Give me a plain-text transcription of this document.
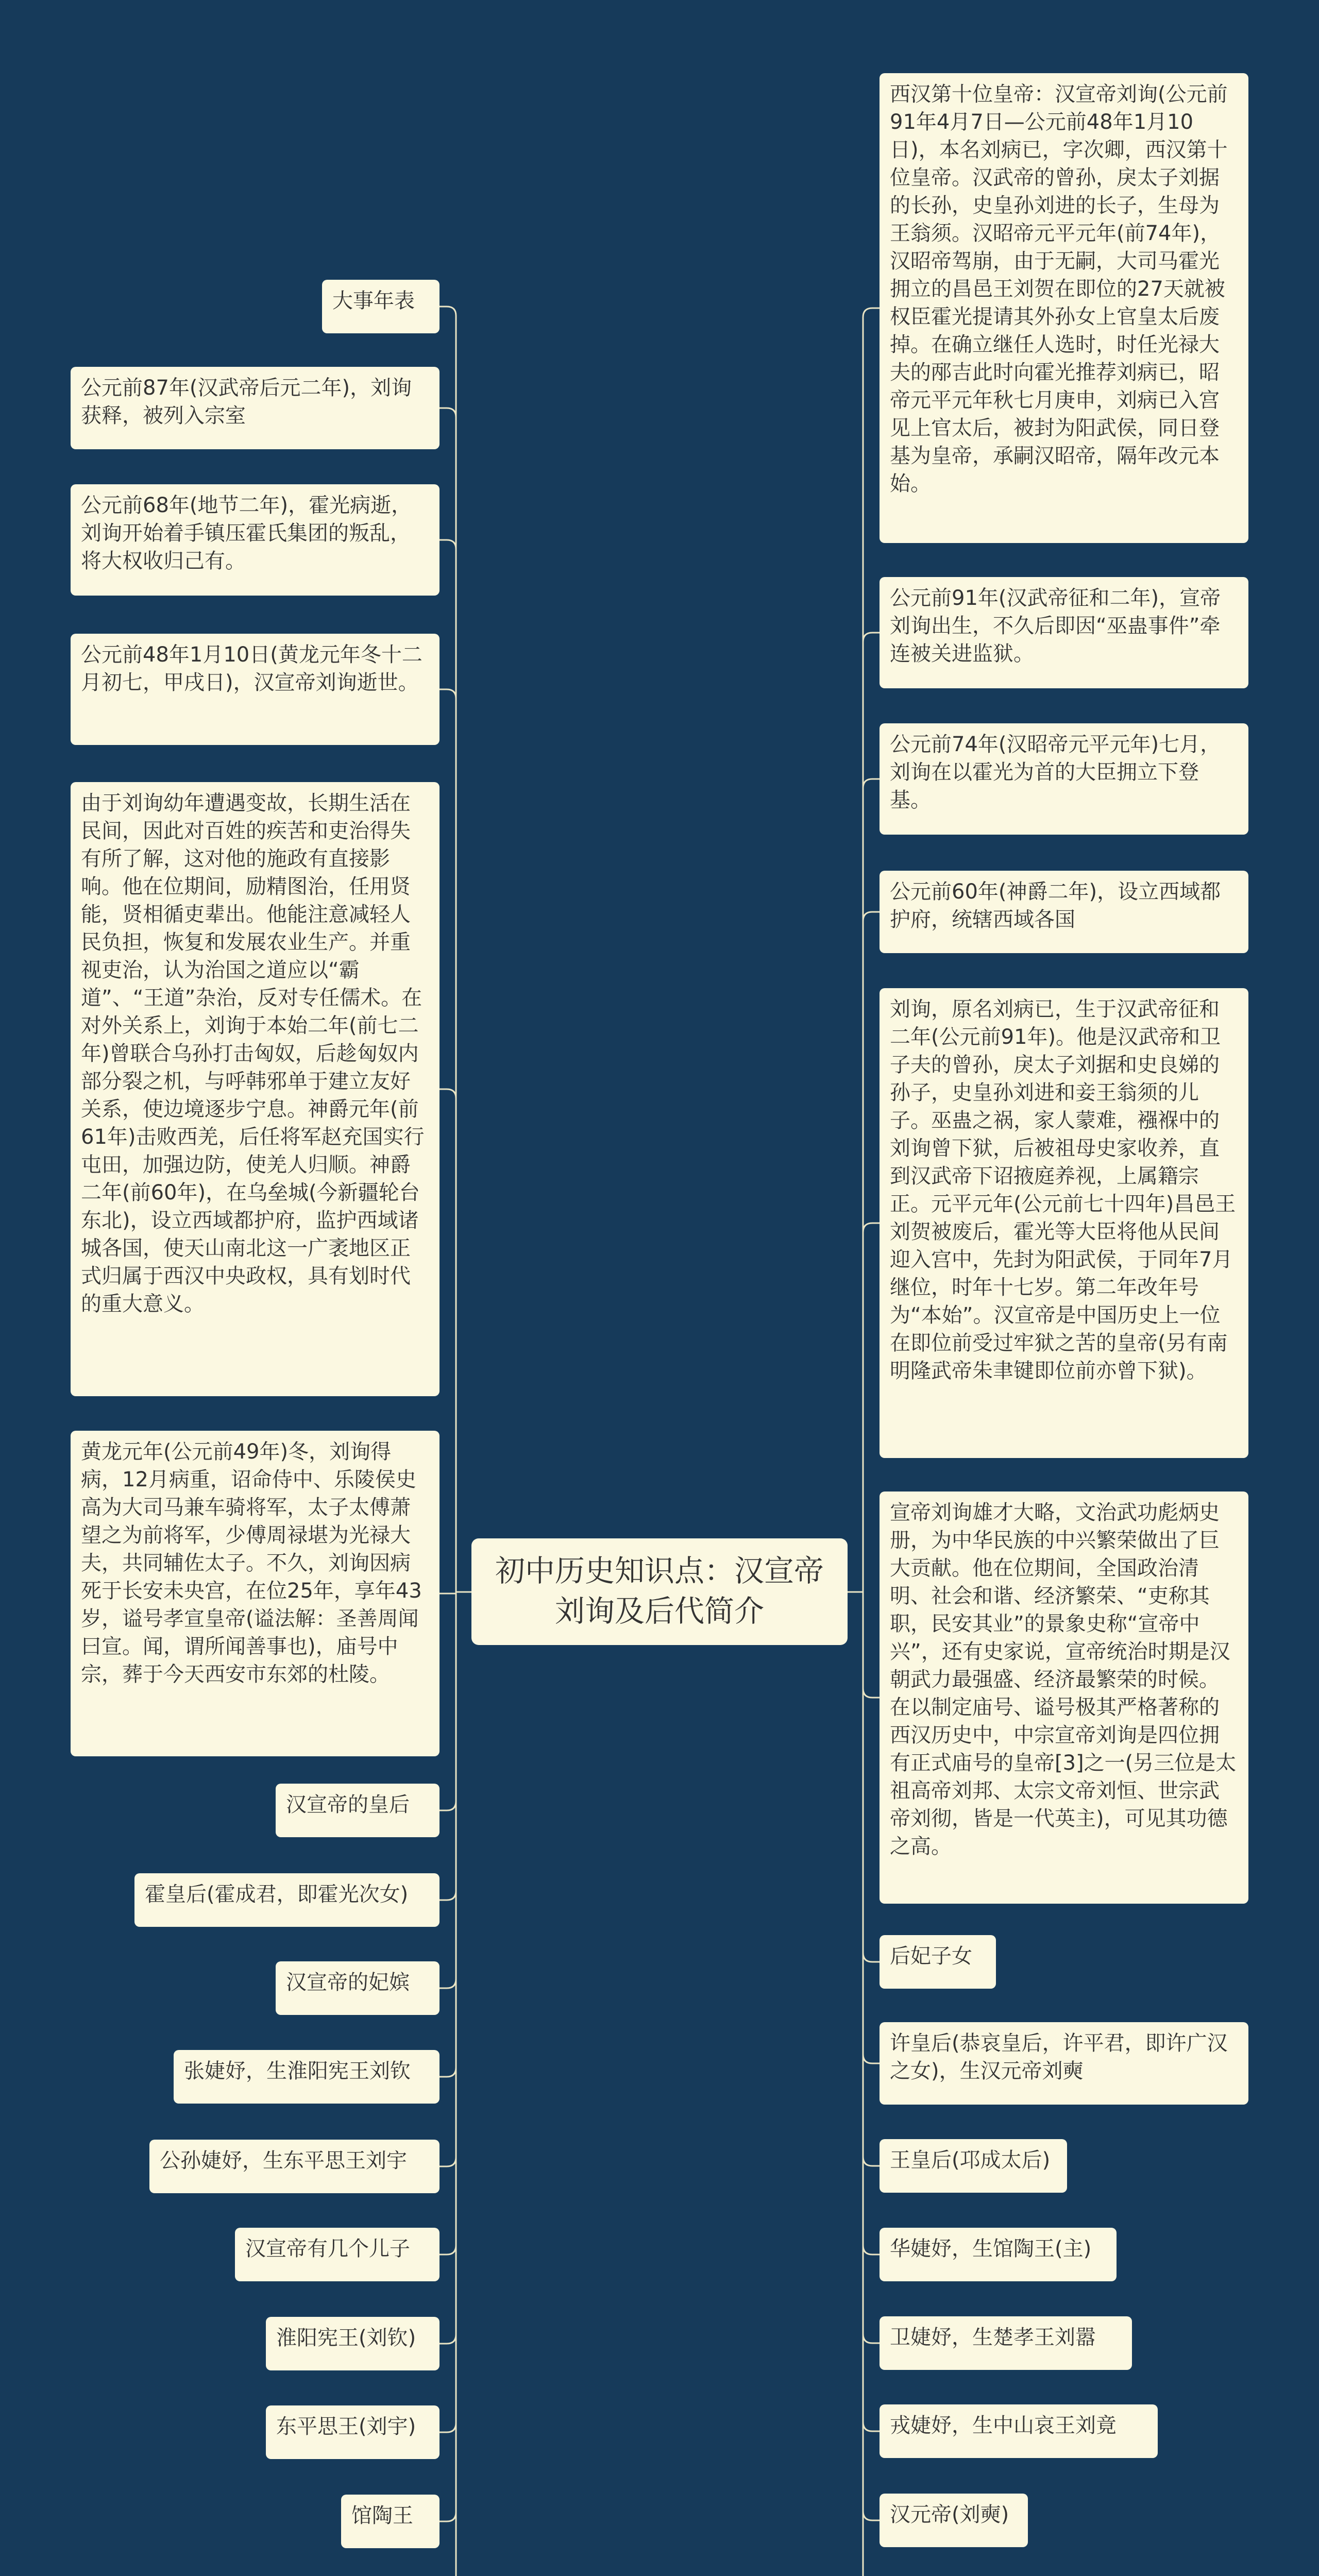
初中历史知识点：汉宣帝刘询及后代简介
大事年表
公元前87年(汉武帝后元二年)，刘询获释，被列入宗室
公元前68年(地节二年)，霍光病逝，刘询开始着手镇压霍氏集团的叛乱，将大权收归己有。
公元前48年1月10日(黄龙元年冬十二月初七，甲戌日)，汉宣帝刘询逝世。
由于刘询幼年遭遇变故，长期生活在民间，因此对百姓的疾苦和吏治得失有所了解，这对他的施政有直接影响。他在位期间，励精图治，任用贤能，贤相循吏辈出。他能注意减轻人民负担，恢复和发展农业生产。并重视吏治，认为治国之道应以“霸道”、“王道”杂治，反对专任儒术。在对外关系上，刘询于本始二年(前七二年)曾联合乌孙打击匈奴，后趁匈奴内部分裂之机，与呼韩邪单于建立友好关系，使边境逐步宁息。神爵元年(前61年)击败西羌，后任将军赵充国实行屯田，加强边防，使羌人归顺。神爵二年(前60年)，在乌垒城(今新疆轮台东北)，设立西域都护府，监护西域诸城各国，使天山南北这一广袤地区正式归属于西汉中央政权，具有划时代的重大意义。
黄龙元年(公元前49年)冬，刘询得病，12月病重，诏命侍中、乐陵侯史高为大司马兼车骑将军，太子太傅萧望之为前将军，少傅周禄堪为光禄大夫，共同辅佐太子。不久，刘询因病死于长安未央宫，在位25年，享年43岁，谥号孝宣皇帝(谥法解：圣善周闻曰宣。闻，谓所闻善事也)，庙号中宗，葬于今天西安市东郊的杜陵。
汉宣帝的皇后
霍皇后(霍成君，即霍光次女)
汉宣帝的妃嫔
张婕妤，生淮阳宪王刘钦
公孙婕妤，生东平思王刘宇
汉宣帝有几个儿子
淮阳宪王(刘钦)
东平思王(刘宇)
馆陶王
西汉第十位皇帝：汉宣帝刘询(公元前91年4月7日—公元前48年1月10日)，本名刘病已，字次卿，西汉第十位皇帝。汉武帝的曾孙，戾太子刘据的长孙，史皇孙刘进的长子，生母为王翁须。汉昭帝元平元年(前74年)，汉昭帝驾崩，由于无嗣，大司马霍光拥立的昌邑王刘贺在即位的27天就被权臣霍光提请其外孙女上官皇太后废掉。在确立继任人选时，时任光禄大夫的邴吉此时向霍光推荐刘病已，昭帝元平元年秋七月庚申，刘病已入宫见上官太后，被封为阳武侯，同日登基为皇帝，承嗣汉昭帝，隔年改元本始。
公元前91年(汉武帝征和二年)，宣帝刘询出生，不久后即因“巫蛊事件”牵连被关进监狱。
公元前74年(汉昭帝元平元年)七月，刘询在以霍光为首的大臣拥立下登基。
公元前60年(神爵二年)，设立西域都护府，统辖西域各国
刘询，原名刘病已，生于汉武帝征和二年(公元前91年)。他是汉武帝和卫子夫的曾孙，戾太子刘据和史良娣的孙子，史皇孙刘进和妾王翁须的儿子。巫蛊之祸，家人蒙难，襁褓中的刘询曾下狱，后被祖母史家收养，直到汉武帝下诏掖庭养视，上属籍宗正。元平元年(公元前七十四年)昌邑王刘贺被废后，霍光等大臣将他从民间迎入宫中，先封为阳武侯，于同年7月继位，时年十七岁。第二年改年号为“本始”。汉宣帝是中国历史上一位在即位前受过牢狱之苦的皇帝(另有南明隆武帝朱聿键即位前亦曾下狱)。
宣帝刘询雄才大略，文治武功彪炳史册，为中华民族的中兴繁荣做出了巨大贡献。他在位期间，全国政治清明、社会和谐、经济繁荣、“吏称其职，民安其业”的景象史称“宣帝中兴”，还有史家说，宣帝统治时期是汉朝武力最强盛、经济最繁荣的时候。在以制定庙号、谥号极其严格著称的西汉历史中，中宗宣帝刘询是四位拥有正式庙号的皇帝[3]之一(另三位是太祖高帝刘邦、太宗文帝刘恒、世宗武帝刘彻，皆是一代英主)，可见其功德之高。
后妃子女
许皇后(恭哀皇后，许平君，即许广汉之女)，生汉元帝刘奭
王皇后(邛成太后)
华婕妤，生馆陶王(主)
卫婕妤，生楚孝王刘嚣
戎婕妤，生中山哀王刘竟
汉元帝(刘奭)
